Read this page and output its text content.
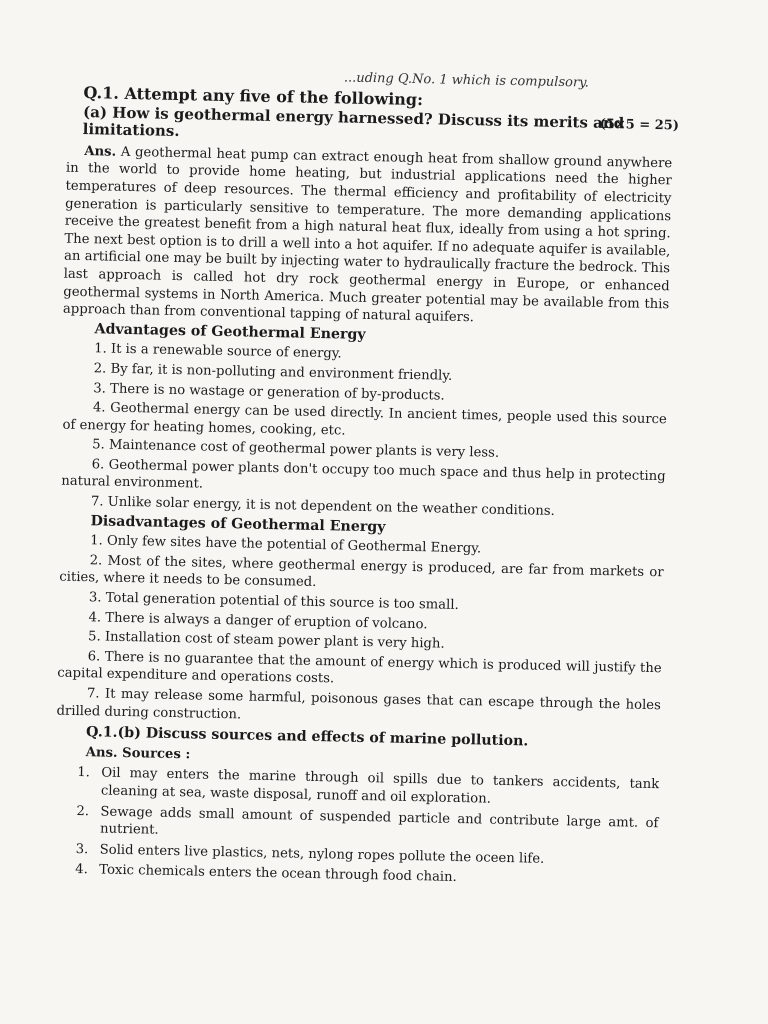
...uding Q.No. 1 which is compulsory.
Q.1. Attempt any five of the following:
(a) How is geothermal energy harnessed? Discuss its merits and limitations.	(5×5 = 25)
Ans. A geothermal heat pump can extract enough heat from shallow ground anywhere in the world to provide home heating, but industrial applications need the higher temperatures of deep resources. The thermal efficiency and profitability of electricity generation is particularly sensitive to temperature. The more demanding applications receive the greatest benefit from a high natural heat flux, ideally from using a hot spring. The next best option is to drill a well into a hot aquifer. If no adequate aquifer is available, an artificial one may be built by injecting water to hydraulically fracture the bedrock. This last approach is called hot dry rock geothermal energy in Europe, or enhanced geothermal systems in North America. Much greater potential may be available from this approach than from conventional tapping of natural aquifers.
Advantages of Geothermal Energy
1. It is a renewable source of energy.
2. By far, it is non-polluting and environment friendly.
3. There is no wastage or generation of by-products.
4. Geothermal energy can be used directly. In ancient times, people used this source of energy for heating homes, cooking, etc.
5. Maintenance cost of geothermal power plants is very less.
6. Geothermal power plants don't occupy too much space and thus help in protecting natural environment.
7. Unlike solar energy, it is not dependent on the weather conditions.
Disadvantages of Geothermal Energy
1. Only few sites have the potential of Geothermal Energy.
2. Most of the sites, where geothermal energy is produced, are far from markets or cities, where it needs to be consumed.
3. Total generation potential of this source is too small.
4. There is always a danger of eruption of volcano.
5. Installation cost of steam power plant is very high.
6. There is no guarantee that the amount of energy which is produced will justify the capital expenditure and operations costs.
7. It may release some harmful, poisonous gases that can escape through the holes drilled during construction.
Q.1.(b) Discuss sources and effects of marine pollution.
Ans. Sources :
1. Oil may enters the marine through oil spills due to tankers accidents, tank cleaning at sea, waste disposal, runoff and oil exploration.
2. Sewage adds small amount of suspended particle and contribute large amt. of nutrient.
3. Solid enters live plastics, nets, nylong ropes pollute the oceen life.
4. Toxic chemicals enters the ocean through food chain.
